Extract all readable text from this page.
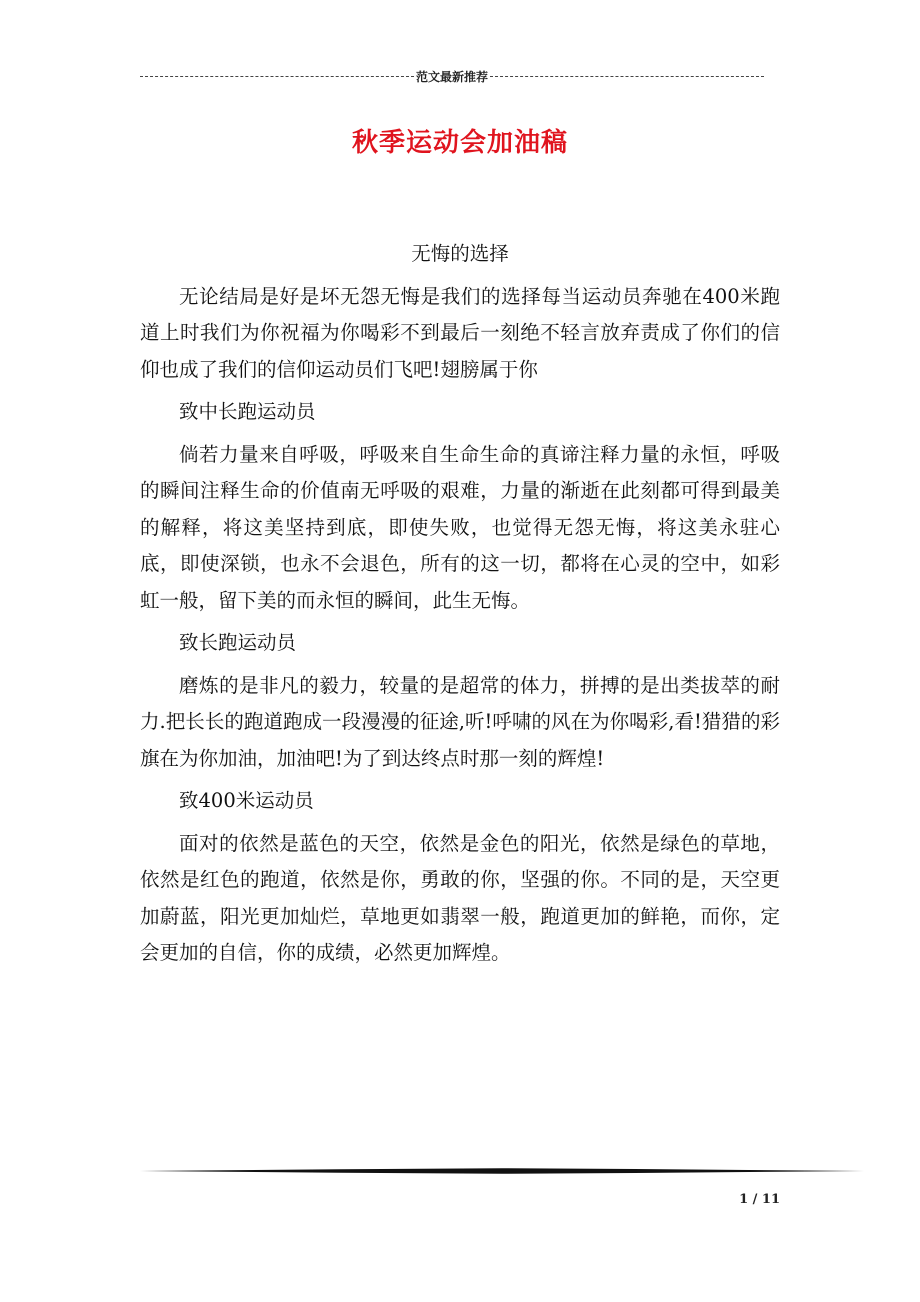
范文最新推荐
秋季运动会加油稿

无悔的选择

无论结局是好是坏无怨无悔是我们的选择每当运动员奔驰在400米跑道上时我们为你祝福为你喝彩不到最后一刻绝不轻言放弃责成了你们的信仰也成了我们的信仰运动员们飞吧!翅膀属于你

致中长跑运动员

倘若力量来自呼吸，呼吸来自生命生命的真谛注释力量的永恒，呼吸的瞬间注释生命的价值南无呼吸的艰难，力量的渐逝在此刻都可得到最美的解释，将这美坚持到底，即使失败，也觉得无怨无悔，将这美永驻心底，即使深锁，也永不会退色，所有的这一切，都将在心灵的空中，如彩虹一般，留下美的而永恒的瞬间，此生无悔。

致长跑运动员

磨炼的是非凡的毅力，较量的是超常的体力，拼搏的是出类拔萃的耐力.把长长的跑道跑成一段漫漫的征途,听!呼啸的风在为你喝彩,看!猎猎的彩旗在为你加油，加油吧!为了到达终点时那一刻的辉煌!

致400米运动员

面对的依然是蓝色的天空，依然是金色的阳光，依然是绿色的草地，依然是红色的跑道，依然是你，勇敢的你，坚强的你。不同的是，天空更加蔚蓝，阳光更加灿烂，草地更如翡翠一般，跑道更加的鲜艳，而你，定会更加的自信，你的成绩，必然更加辉煌。

1 / 11
